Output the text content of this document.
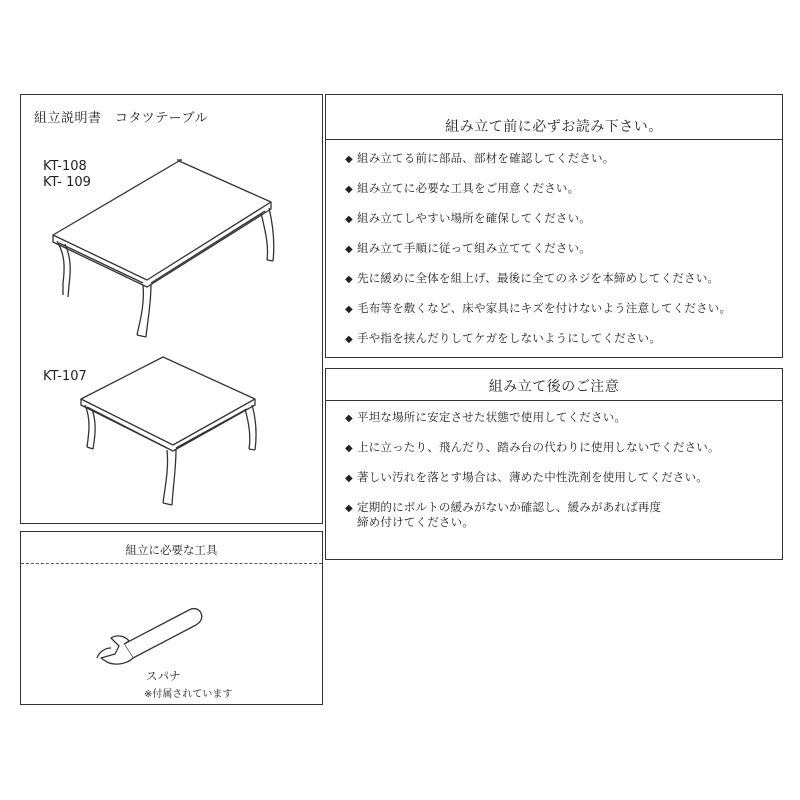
組立説明書　コタツテーブル
KT-108
KT- 109
KT-107
組み立て前に必ずお読み下さい。
◆ 組み立てる前に部品、部材を確認してください。
◆ 組み立てに必要な工具をご用意ください。
◆ 組み立てしやすい場所を確保してください。
◆ 組み立て手順に従って組み立ててください。
◆ 先に緩めに全体を組上げ、最後に全てのネジを本締めしてください。
◆ 毛布等を敷くなど、床や家具にキズを付けないよう注意してください。
◆ 手や指を挟んだりしてケガをしないようにしてください。
組み立て後のご注意
◆ 平坦な場所に安定させた状態で使用してください。
◆ 上に立ったり、飛んだり、踏み台の代わりに使用しないでください。
◆ 著しい汚れを落とす場合は、薄めた中性洗剤を使用してください。
◆ 定期的にボルトの緩みがないか確認し、緩みがあれば再度
締め付けてください。
組立に必要な工具
スパナ
※付属されています
